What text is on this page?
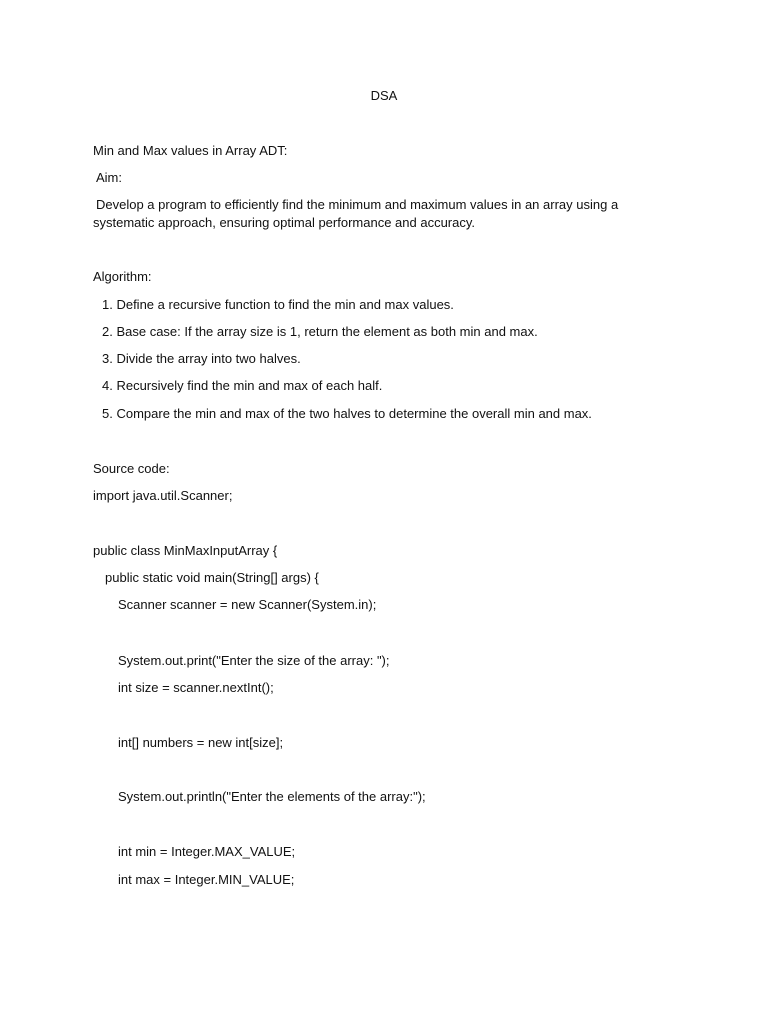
DSA
Min and Max values in Array ADT:
Aim:
Develop a program to efficiently find the minimum and maximum values in an array using a
systematic approach, ensuring optimal performance and accuracy.
Algorithm:
1. Define a recursive function to find the min and max values.
2. Base case: If the array size is 1, return the element as both min and max.
3. Divide the array into two halves.
4. Recursively find the min and max of each half.
5. Compare the min and max of the two halves to determine the overall min and max.
Source code:
import java.util.Scanner;
public class MinMaxInputArray {
public static void main(String[] args) {
Scanner scanner = new Scanner(System.in);
System.out.print("Enter the size of the array: ");
int size = scanner.nextInt();
int[] numbers = new int[size];
System.out.println("Enter the elements of the array:");
int min = Integer.MAX_VALUE;
int max = Integer.MIN_VALUE;
